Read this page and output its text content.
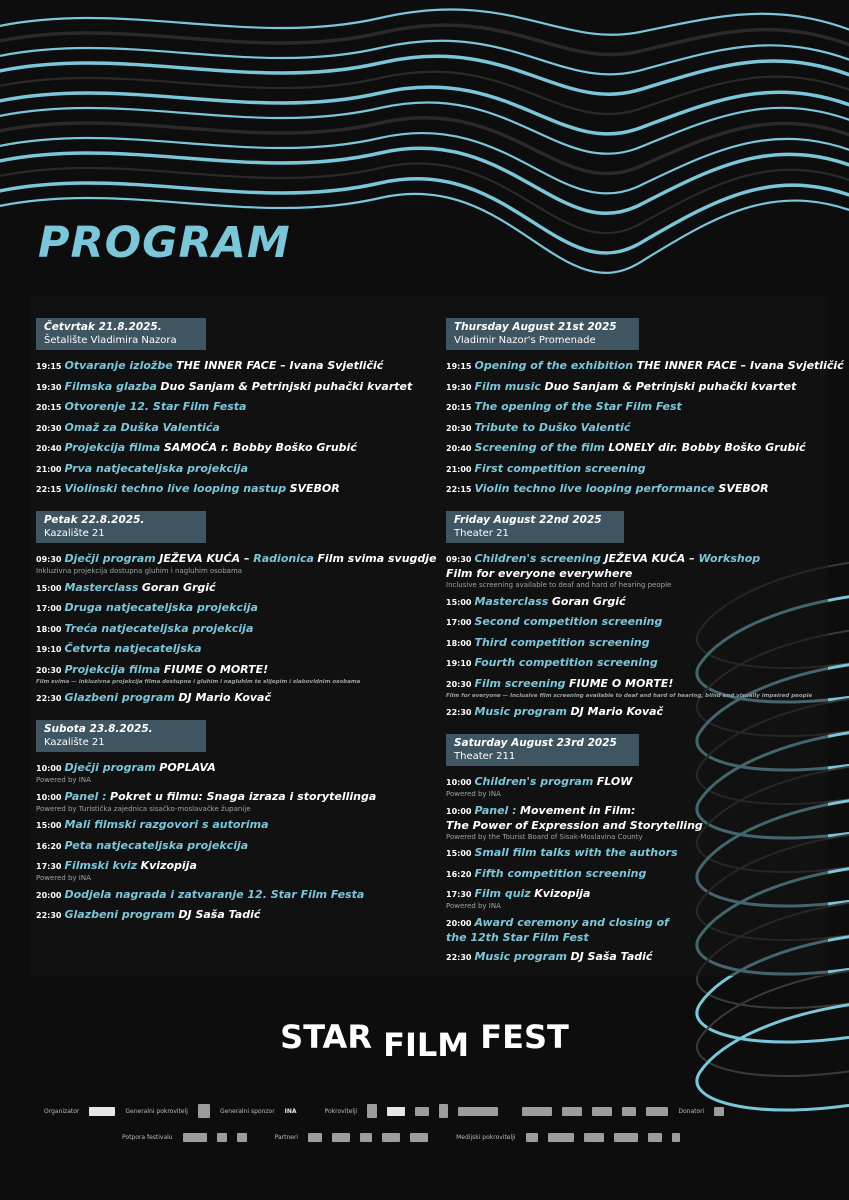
PROGRAM
Četvrtak 21.8.2025.
Šetalište Vladimira Nazora
19:15 Otvaranje izložbe THE INNER FACE – Ivana Svjetličić
19:30 Filmska glazba Duo Sanjam & Petrinjski puhački kvartet
20:15 Otvorenje 12. Star Film Festa
20:30 Omaž za Duška Valentića
20:40 Projekcija filma SAMOĆA r. Bobby Boško Grubić
21:00 Prva natjecateljska projekcija
22:15 Violinski techno live looping nastup SVEBOR
Petak 22.8.2025.
Kazalište 21
09:30 Dječji program JEŽEVA KUĆA – Radionica Film svima svugdje
Inkluzivna projekcija dostupna gluhim i nagluhim osobama
15:00 Masterclass Goran Grgić
17:00 Druga natjecateljska projekcija
18:00 Treća natjecateljska projekcija
19:10 Četvrta natjecateljska
20:30 Projekcija filma FIUME O MORTE!
Film svima — inkluzivna projekcija filma dostupna i gluhim i nagluhim te slijepim i slabovidnim osobama
22:30 Glazbeni program DJ Mario Kovač
Subota 23.8.2025.
Kazalište 21
10:00 Dječji program POPLAVA
Powered by INA
10:00 Panel : Pokret u filmu: Snaga izraza i storytellinga
Powered by Turistička zajednica sisačko-moslavačke županije
15:00 Mali filmski razgovori s autorima
16:20 Peta natjecateljska projekcija
17:30 Filmski kviz Kvizopija
Powered by INA
20:00 Dodjela nagrada i zatvaranje 12. Star Film Festa
22:30 Glazbeni program DJ Saša Tadić
Thursday August 21st 2025
Vladimir Nazor's Promenade
19:15 Opening of the exhibition THE INNER FACE – Ivana Svjetličić
19:30 Film music Duo Sanjam & Petrinjski puhački kvartet
20:15 The opening of the Star Film Fest
20:30 Tribute to Duško Valentić
20:40 Screening of the film LONELY dir. Bobby Boško Grubić
21:00 First competition screening
22:15 Violin techno live looping performance SVEBOR
Friday August 22nd 2025
Theater 21
09:30 Children's screening JEŽEVA KUĆA – Workshop
Film for everyone everywhere
Inclusive screening available to deaf and hard of hearing people
15:00 Masterclass Goran Grgić
17:00 Second competition screening
18:00 Third competition screening
19:10 Fourth competition screening
20:30 Film screening FIUME O MORTE!
Film for everyone — Inclusive film screening available to deaf and hard of hearing, blind and visually impaired people
22:30 Music program DJ Mario Kovač
Saturday August 23rd 2025
Theater 211
10:00 Children's program FLOW
Powered by INA
10:00 Panel : Movement in Film:
The Power of Expression and Storytelling
Powered by the Tourist Board of Sisak-Moslavina County
15:00 Small film talks with the authors
16:20 Fifth competition screening
17:30 Film quiz Kvizopija
Powered by INA
20:00 Award ceremony and closing of
the 12th Star Film Fest
22:30 Music program DJ Saša Tadić
STAR FILM FEST
Organizator	Generalni pokrovitelj	Generalni sponzor INA	Pokrovitelji	Donatori
Potpora festivalu	Partneri	Medijski pokrovitelji
